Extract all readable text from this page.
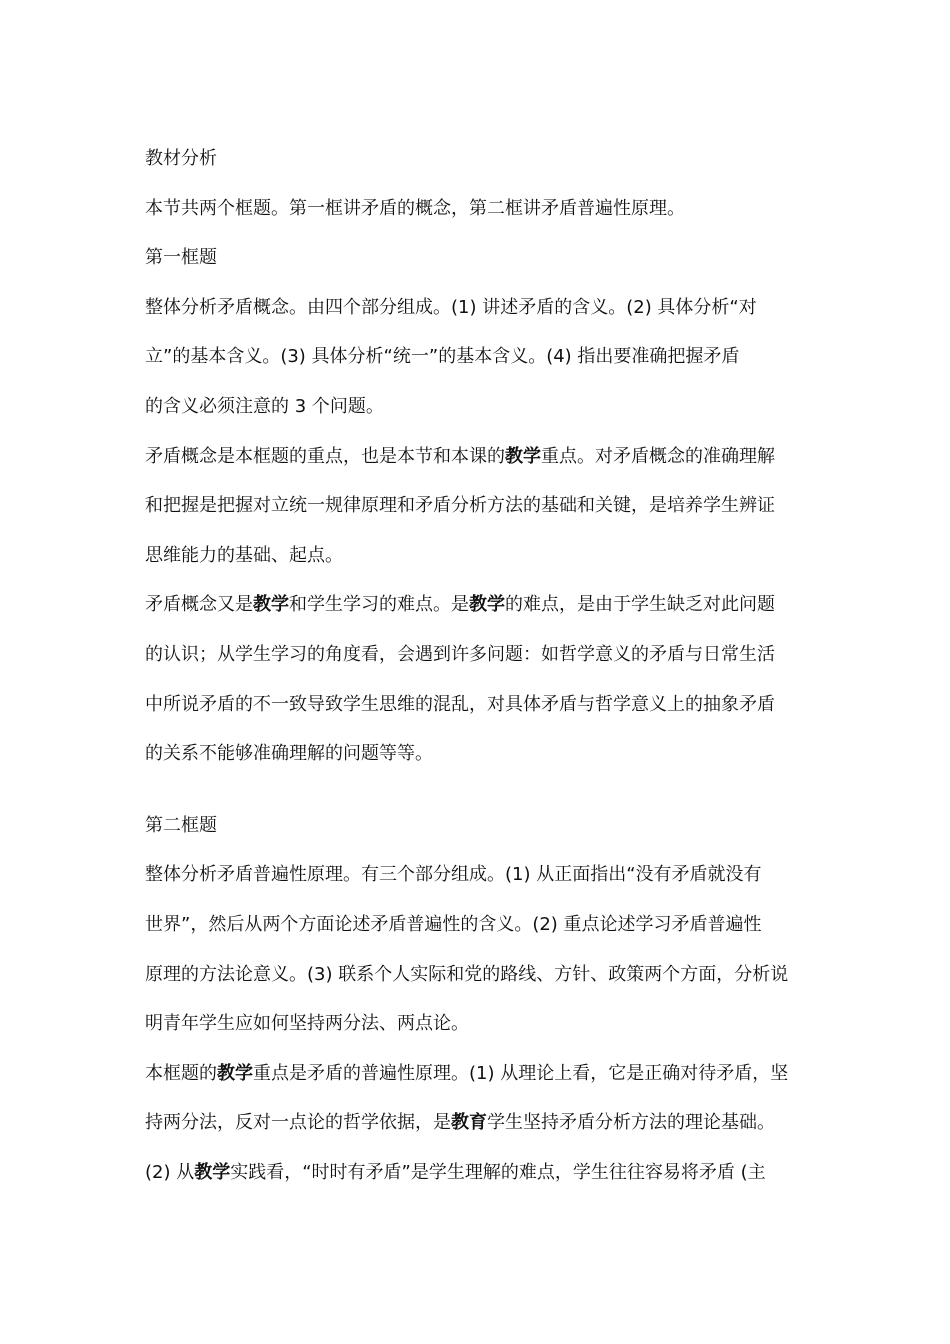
教材分析

本节共两个框题。第一框讲矛盾的概念，第二框讲矛盾普遍性原理。

第一框题

整体分析矛盾概念。由四个部分组成。(1) 讲述矛盾的含义。(2) 具体分析“对
立”的基本含义。(3) 具体分析“统一”的基本含义。(4) 指出要准确把握矛盾
的含义必须注意的 3 个问题。

矛盾概念是本框题的重点，也是本节和本课的教学重点。对矛盾概念的准确理解
和把握是把握对立统一规律原理和矛盾分析方法的基础和关键，是培养学生辨证
思维能力的基础、起点。

矛盾概念又是教学和学生学习的难点。是教学的难点，是由于学生缺乏对此问题
的认识；从学生学习的角度看，会遇到许多问题：如哲学意义的矛盾与日常生活
中所说矛盾的不一致导致学生思维的混乱，对具体矛盾与哲学意义上的抽象矛盾
的关系不能够准确理解的问题等等。

第二框题

整体分析矛盾普遍性原理。有三个部分组成。(1) 从正面指出“没有矛盾就没有
世界”，然后从两个方面论述矛盾普遍性的含义。(2) 重点论述学习矛盾普遍性
原理的方法论意义。(3) 联系个人实际和党的路线、方针、政策两个方面，分析说
明青年学生应如何坚持两分法、两点论。

本框题的教学重点是矛盾的普遍性原理。(1) 从理论上看，它是正确对待矛盾，坚
持两分法，反对一点论的哲学依据，是教育学生坚持矛盾分析方法的理论基础。
(2) 从教学实践看，“时时有矛盾”是学生理解的难点，学生往往容易将矛盾 (主
